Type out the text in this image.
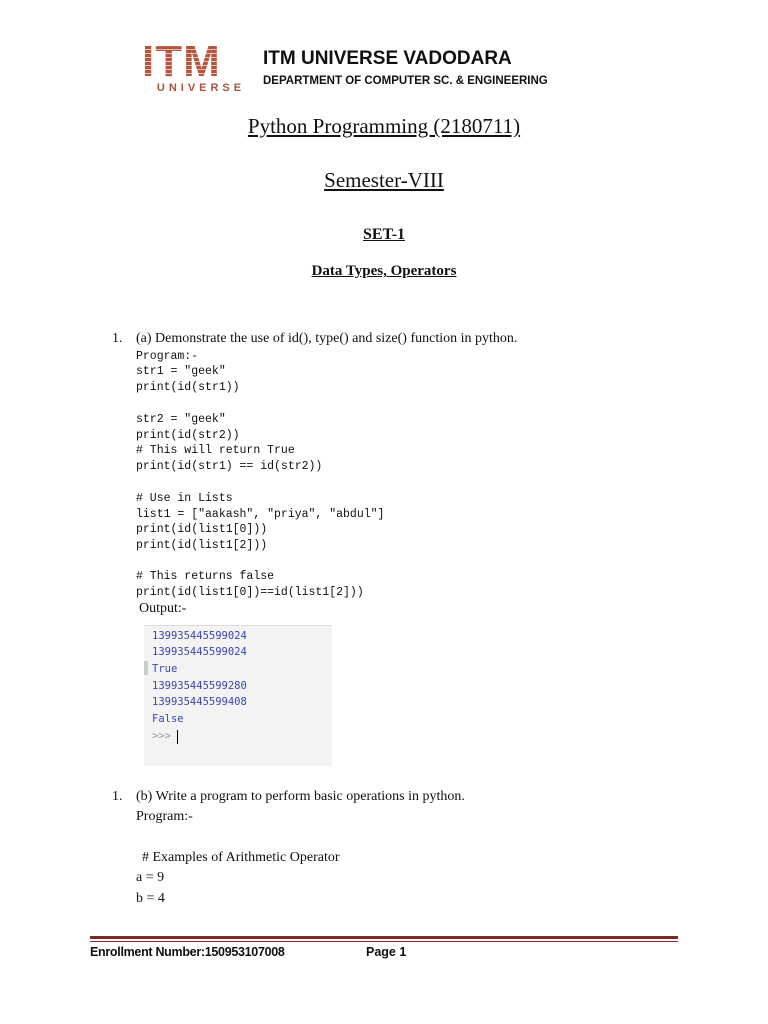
ITM
UNIVERSE
ITM UNIVERSE VADODARA
DEPARTMENT OF COMPUTER SC. & ENGINEERING
Python Programming (2180711)
Semester-VIII
SET-1
Data Types, Operators
1. (a) Demonstrate the use of id(), type() and size() function in python.
Program:-
str1 = "geek"
print(id(str1))
str2 = "geek"
print(id(str2))
# This will return True
print(id(str1) == id(str2))
# Use in Lists
list1 = ["aakash", "priya", "abdul"]
print(id(list1[0]))
print(id(list1[2]))
# This returns false
print(id(list1[0])==id(list1[2]))
Output:-
139935445599024
139935445599024
True
139935445599280
139935445599408
False
>>>
1. (b) Write a program to perform basic operations in python.
Program:-
# Examples of Arithmetic Operator
a = 9
b = 4
Enrollment Number:150953107008	Page 1
